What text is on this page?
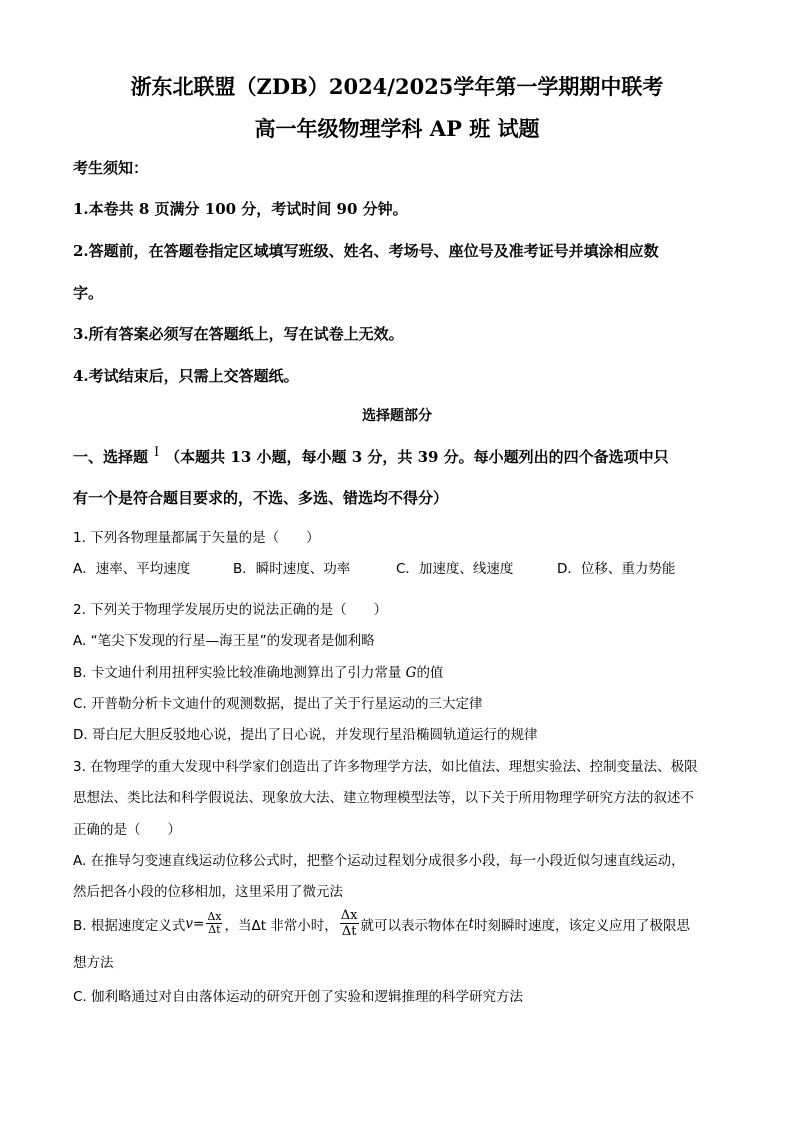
浙东北联盟（ZDB）2024/2025学年第一学期期中联考
高一年级物理学科 AP 班 试题
考生须知：
1.本卷共 8 页满分 100 分，考试时间 90 分钟。
2.答题前，在答题卷指定区域填写班级、姓名、考场号、座位号及准考证号并填涂相应数
字。
3.所有答案必须写在答题纸上，写在试卷上无效。
4.考试结束后，只需上交答题纸。
选择题部分
一、选择题 Ⅰ （本题共 13 小题，每小题 3 分，共 39 分。每小题列出的四个备选项中只
有一个是符合题目要求的，不选、多选、错选均不得分）
1. 下列各物理量都属于矢量的是（　　）
A．速率、平均速度	B．瞬时速度、功率	C．加速度、线速度	D．位移、重力势能
2. 下列关于物理学发展历史的说法正确的是（　　）
A. “笔尖下发现的行星—海王星”的发现者是伽利略
B. 卡文迪什利用扭秤实验比较准确地测算出了引力常量 G的值
C. 开普勒分析卡文迪什的观测数据，提出了关于行星运动的三大定律
D. 哥白尼大胆反驳地心说，提出了日心说，并发现行星沿椭圆轨道运行的规律
3. 在物理学的重大发现中科学家们创造出了许多物理学方法，如比值法、理想实验法、控制变量法、极限
思想法、类比法和科学假说法、现象放大法、建立物理模型法等，以下关于所用物理学研究方法的叙述不
正确的是（　　）
A. 在推导匀变速直线运动位移公式时，把整个运动过程划分成很多小段，每一小段近似匀速直线运动，
然后把各小段的位移相加，这里采用了微元法
B. 根据速度定义式 $v = \frac{\Delta x}{\Delta t}$ ，当Δt 非常小时， $\frac{\Delta x}{\Delta t}$ 就可以表示物体在 t 时刻瞬时速度，该定义应用了极限思
想方法
C. 伽利略通过对自由落体运动的研究开创了实验和逻辑推理的科学研究方法
